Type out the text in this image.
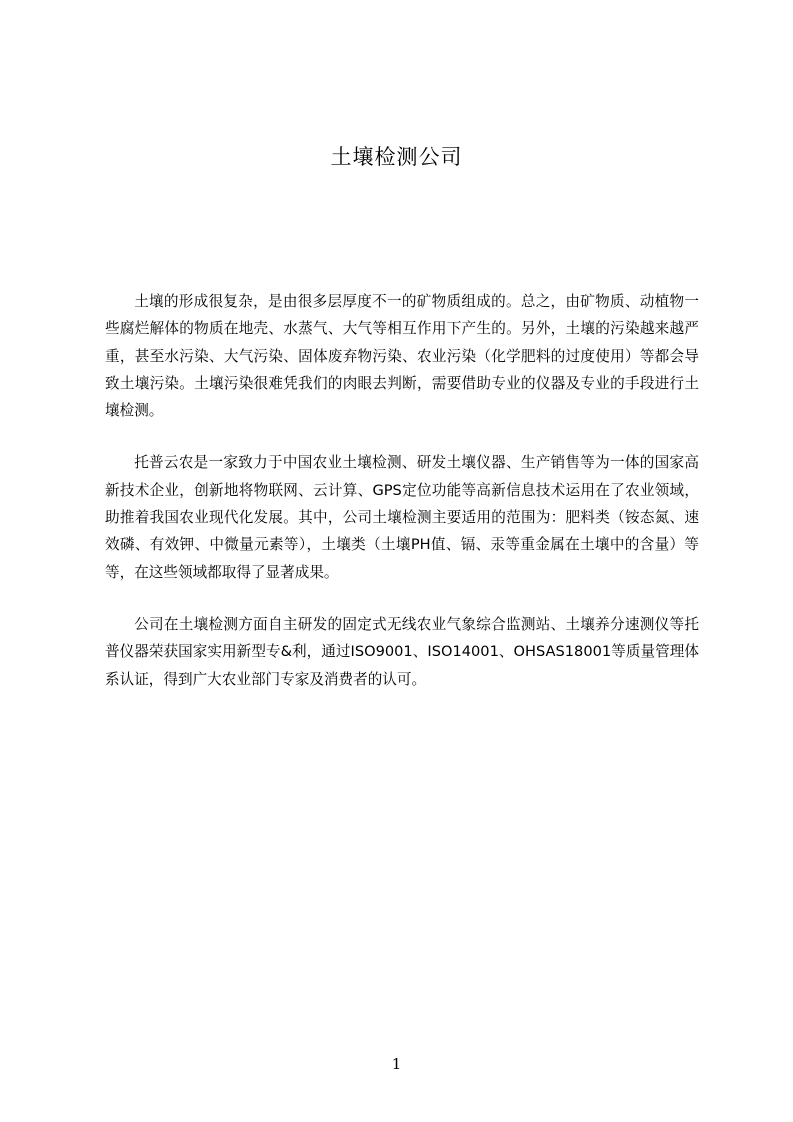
土壤检测公司

土壤的形成很复杂，是由很多层厚度不一的矿物质组成的。总之，由矿物质、动植物一些腐烂解体的物质在地壳、水蒸气、大气等相互作用下产生的。另外，土壤的污染越来越严重，甚至水污染、大气污染、固体废弃物污染、农业污染（化学肥料的过度使用）等都会导致土壤污染。土壤污染很难凭我们的肉眼去判断，需要借助专业的仪器及专业的手段进行土壤检测。

托普云农是一家致力于中国农业土壤检测、研发土壤仪器、生产销售等为一体的国家高新技术企业，创新地将物联网、云计算、GPS定位功能等高新信息技术运用在了农业领域，助推着我国农业现代化发展。其中，公司土壤检测主要适用的范围为：肥料类（铵态氮、速效磷、有效钾、中微量元素等），土壤类（土壤PH值、镉、汞等重金属在土壤中的含量）等等，在这些领域都取得了显著成果。

公司在土壤检测方面自主研发的固定式无线农业气象综合监测站、土壤养分速测仪等托普仪器荣获国家实用新型专&利，通过ISO9001、ISO14001、OHSAS18001等质量管理体系认证，得到广大农业部门专家及消费者的认可。

1
